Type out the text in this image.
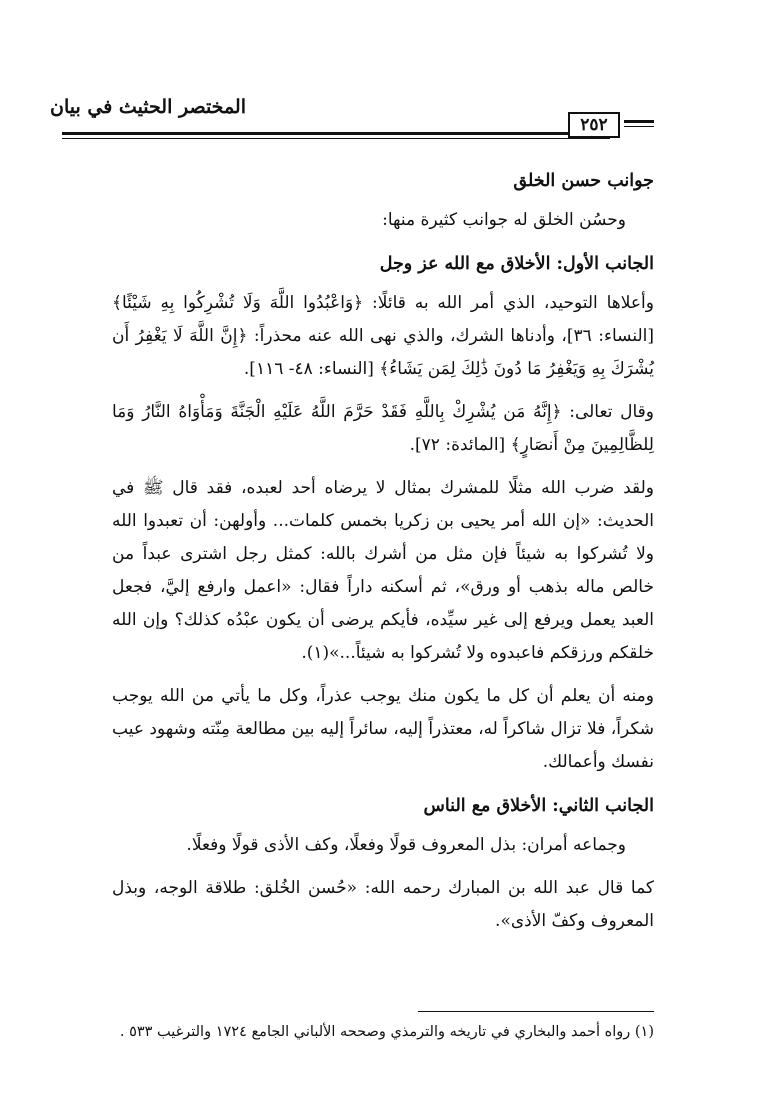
المختصر الحثيث في بيان
٢٥٢
جوانب حسن الخلق

وحسُن الخلق له جوانب كثيرة منها:

الجانب الأول: الأخلاق مع الله عز وجل

وأعلاها التوحيد، الذي أمر الله به قائلًا: ﴿وَاعْبُدُوا اللَّهَ وَلَا تُشْرِكُوا بِهِ شَيْئًا﴾ [النساء: ٣٦]، وأدناها الشرك، والذي نهى الله عنه محذراً: ﴿إِنَّ اللَّهَ لَا يَغْفِرُ أَن يُشْرَكَ بِهِ وَيَغْفِرُ مَا دُونَ ذَٰلِكَ لِمَن يَشَاءُ﴾ [النساء: ٤٨- ١١٦].

وقال تعالى: ﴿إِنَّهُ مَن يُشْرِكْ بِاللَّهِ فَقَدْ حَرَّمَ اللَّهُ عَلَيْهِ الْجَنَّةَ وَمَأْوَاهُ النَّارُ وَمَا لِلظَّالِمِينَ مِنْ أَنصَارٍ﴾ [المائدة: ٧٢].

ولقد ضرب الله مثلًا للمشرك بمثال لا يرضاه أحد لعبده، فقد قال ﷺ في الحديث: «إن الله أمر يحيى بن زكريا بخمس كلمات... وأولهن: أن تعبدوا الله ولا تُشركوا به شيئاً فإن مثل من أشرك بالله: كمثل رجل اشترى عبداً من خالص ماله بذهب أو ورق»، ثم أسكنه داراً فقال: «اعمل وارفع إليَّ، فجعل العبد يعمل ويرفع إلى غير سيِّده، فأيكم يرضى أن يكون عبْدُه كذلك؟ وإن الله خلقكم ورزقكم فاعبدوه ولا تُشركوا به شيئاً...»(١).

ومنه أن يعلم أن كل ما يكون منك يوجب عذراً، وكل ما يأتي من الله يوجب شكراً، فلا تزال شاكراً له، معتذراً إليه، سائراً إليه بين مطالعة مِنّته وشهود عيب نفسك وأعمالك.

الجانب الثاني: الأخلاق مع الناس

وجماعه أمران: بذل المعروف قولًا وفعلًا، وكف الأذى قولًا وفعلًا.

كما قال عبد الله بن المبارك رحمه الله: «حُسن الخُلق: طلاقة الوجه، وبذل المعروف وكفّ الأذى».

(١) رواه أحمد والبخاري في تاريخه والترمذي وصححه الألباني الجامع ١٧٢٤ والترغيب ٥٣٣ .
